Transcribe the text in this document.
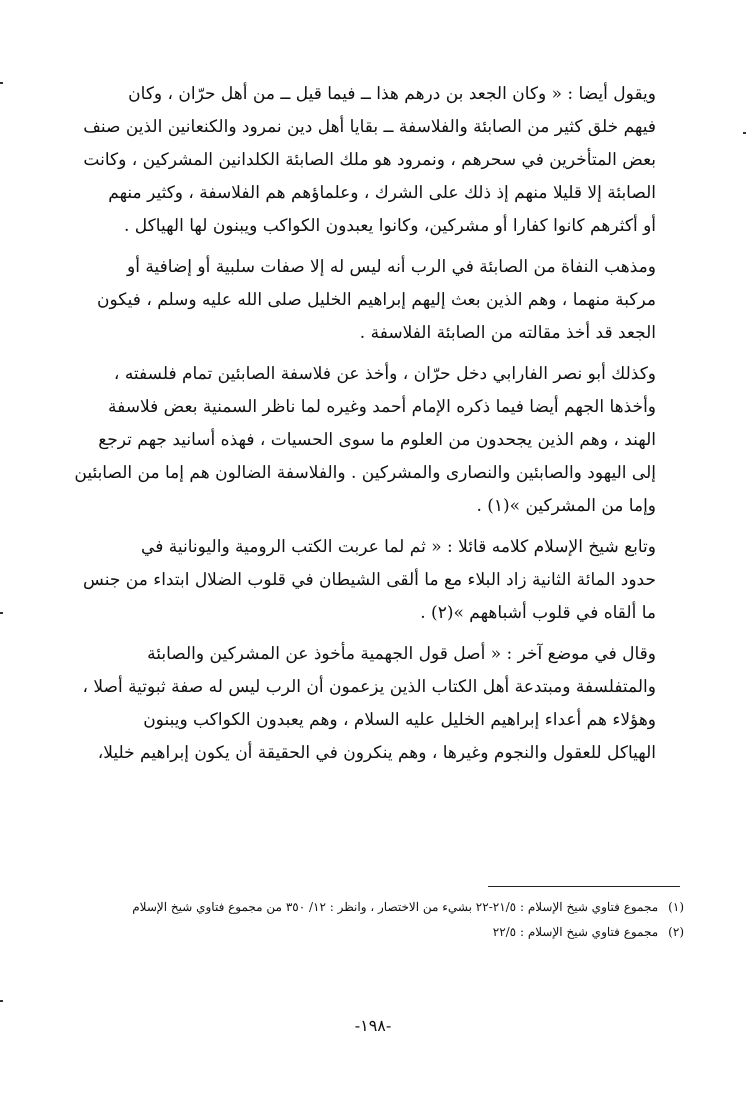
ويقول أيضا : « وكان الجعد بن درهم هذا ــ فيما قيل ــ من أهل حرّان ، وكان
فيهم خلق كثير من الصابئة والفلاسفة ــ بقايا أهل دين نمرود والكنعانين الذين صنف
بعض المتأخرين في سحرهم ، ونمرود هو ملك الصابئة الكلدانين المشركين ، وكانت
الصابئة إلا قليلا منهم إذ ذلك على الشرك ، وعلماؤهم هم الفلاسفة ، وكثير منهم
أو أكثرهم كانوا كفارا أو مشركين، وكانوا يعبدون الكواكب ويبنون لها الهياكل .

ومذهب النفاة من الصابئة في الرب أنه ليس له إلا صفات سلبية أو إضافية أو
مركبة منهما ، وهم الذين بعث إليهم إبراهيم الخليل صلى الله عليه وسلم ، فيكون
الجعد قد أخذ مقالته من الصابئة الفلاسفة .

وكذلك أبو نصر الفارابي دخل حرّان ، وأخذ عن فلاسفة الصابئين تمام فلسفته ،
وأخذها الجهم أيضا فيما ذكره الإمام أحمد وغيره لما ناظر السمنية بعض فلاسفة
الهند ، وهم الذين يجحدون من العلوم ما سوى الحسيات ، فهذه أسانيد جهم ترجع
إلى اليهود والصابئين والنصارى والمشركين . والفلاسفة الضالون هم إما من الصابئين
وإما من المشركين »(١) .

وتابع شيخ الإسلام كلامه قائلا : « ثم لما عربت الكتب الرومية واليونانية في
حدود المائة الثانية زاد البلاء مع ما ألقى الشيطان في قلوب الضلال ابتداء من جنس
ما ألقاه في قلوب أشباههم »(٢) .

وقال في موضع آخر : « أصل قول الجهمية مأخوذ عن المشركين والصابئة
والمتفلسفة ومبتدعة أهل الكتاب الذين يزعمون أن الرب ليس له صفة ثبوتية أصلا ،
وهؤلاء هم أعداء إبراهيم الخليل عليه السلام ، وهم يعبدون الكواكب ويبنون
الهياكل للعقول والنجوم وغيرها ، وهم ينكرون في الحقيقة أن يكون إبراهيم خليلا،

(١)مجموع فتاوي شيخ الإسلام : ٢١/٥-٢٢ بشيء من الاختصار ، وانظر : ١٢/ ٣٥٠ من مجموع فتاوي شيخ الإسلام
(٢)مجموع فتاوي شيخ الإسلام : ٢٢/٥
-١٩٨-
